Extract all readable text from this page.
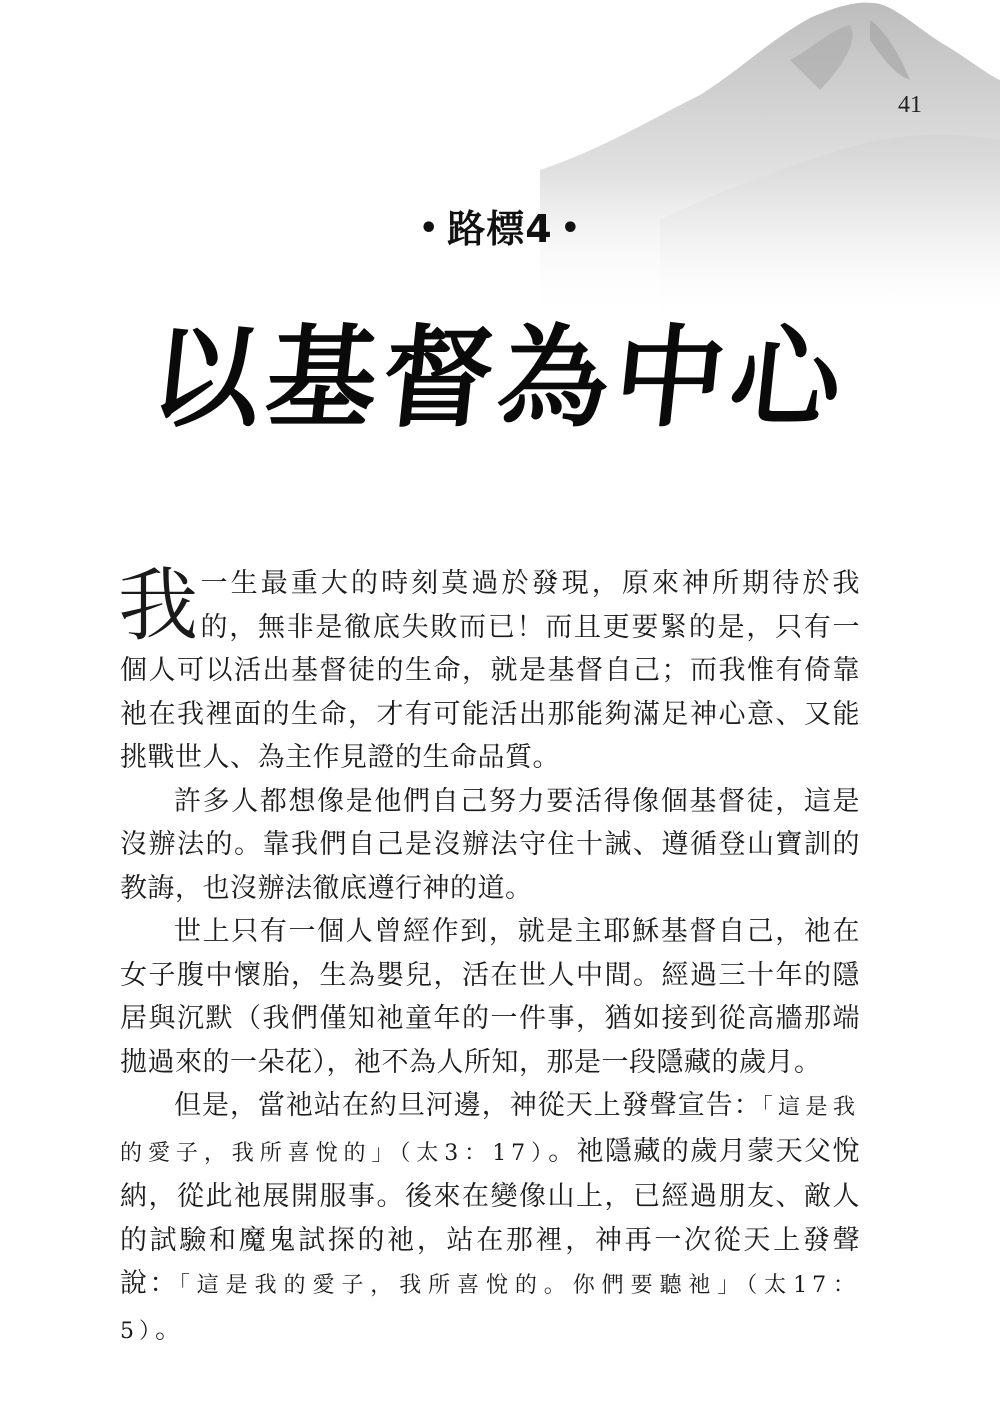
41
• 路標4 •
以基督為中心

我一生最重大的時刻莫過於發現，原來神所期待於我的，無非是徹底失敗而已！而且更要緊的是，只有一個人可以活出基督徒的生命，就是基督自己；而我惟有倚靠祂在我裡面的生命，才有可能活出那能夠滿足神心意、又能挑戰世人、為主作見證的生命品質。

許多人都想像是他們自己努力要活得像個基督徒，這是沒辦法的。靠我們自己是沒辦法守住十誡、遵循登山寶訓的教誨，也沒辦法徹底遵行神的道。

世上只有一個人曾經作到，就是主耶穌基督自己，祂在女子腹中懷胎，生為嬰兒，活在世人中間。經過三十年的隱居與沉默（我們僅知祂童年的一件事，猶如接到從高牆那端拋過來的一朵花），祂不為人所知，那是一段隱藏的歲月。

但是，當祂站在約旦河邊，神從天上發聲宣告：「這是我的愛子，我所喜悅的」（太3：17）。祂隱藏的歲月蒙天父悅納，從此祂展開服事。後來在變像山上，已經過朋友、敵人的試驗和魔鬼試探的祂，站在那裡，神再一次從天上發聲說：「這是我的愛子，我所喜悅的。你們要聽祂」（太17：5）。
